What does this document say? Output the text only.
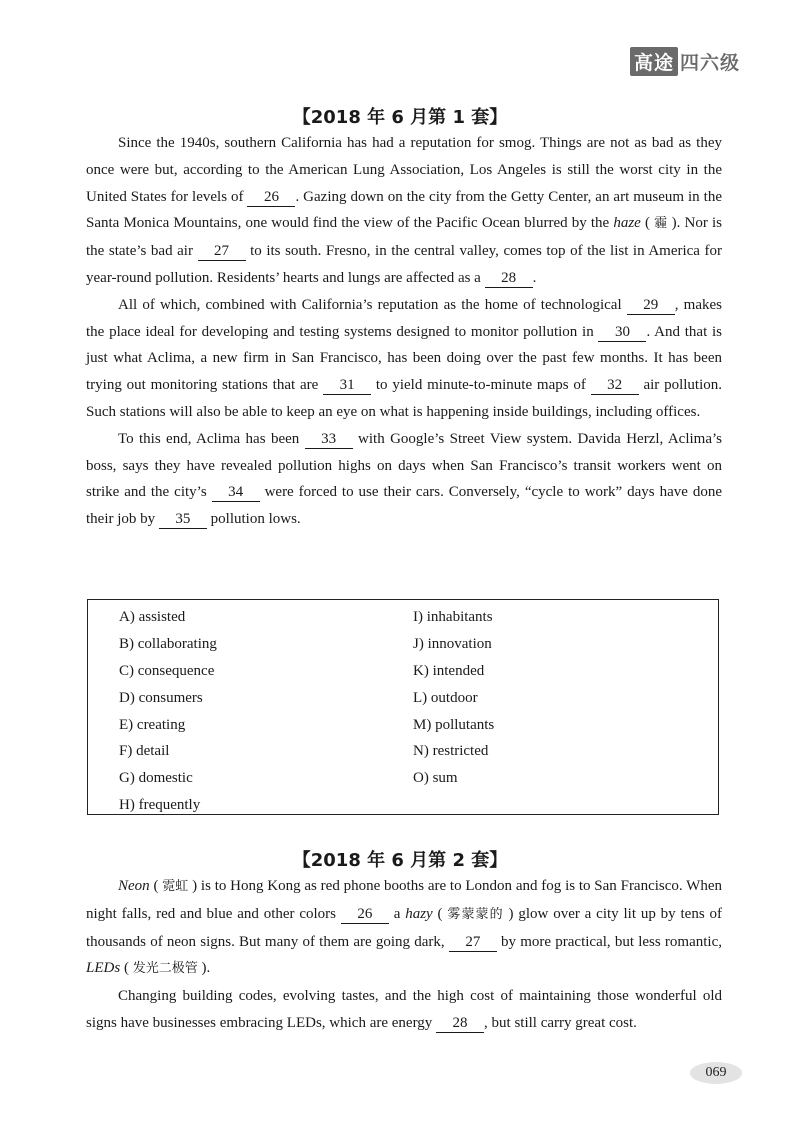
高途 四六级
【2018 年 6 月第 1 套】

Since the 1940s, southern California has had a reputation for smog. Things are not as bad as they once were but, according to the American Lung Association, Los Angeles is still the worst city in the United States for levels of 26 . Gazing down on the city from the Getty Center, an art museum in the Santa Monica Mountains, one would find the view of the Pacific Ocean blurred by the haze ( 霾 ). Nor is the state’s bad air 27 to its south. Fresno, in the central valley, comes top of the list in America for year-round pollution. Residents’ hearts and lungs are affected as a 28 .

All of which, combined with California’s reputation as the home of technological 29 , makes the place ideal for developing and testing systems designed to monitor pollution in 30 . And that is just what Aclima, a new firm in San Francisco, has been doing over the past few months. It has been trying out monitoring stations that are 31 to yield minute-to-minute maps of 32 air pollution. Such stations will also be able to keep an eye on what is happening inside buildings, including offices.

To this end, Aclima has been 33 with Google’s Street View system. Davida Herzl, Aclima’s boss, says they have revealed pollution highs on days when San Francisco’s transit workers went on strike and the city’s 34 were forced to use their cars. Conversely, “cycle to work” days have done their job by 35 pollution lows.

A) assisted
B) collaborating
C) consequence
D) consumers
E) creating
F) detail
G) domestic
H) frequently
I) inhabitants
J) innovation
K) intended
L) outdoor
M) pollutants
N) restricted
O) sum
【2018 年 6 月第 2 套】

Neon ( 霓虹 ) is to Hong Kong as red phone booths are to London and fog is to San Francisco. When night falls, red and blue and other colors 26 a hazy ( 雾蒙蒙的 ) glow over a city lit up by tens of thousands of neon signs. But many of them are going dark, 27 by more practical, but less romantic, LEDs ( 发光二极管 ).

Changing building codes, evolving tastes, and the high cost of maintaining those wonderful old signs have businesses embracing LEDs, which are energy 28 , but still carry great cost.

069
